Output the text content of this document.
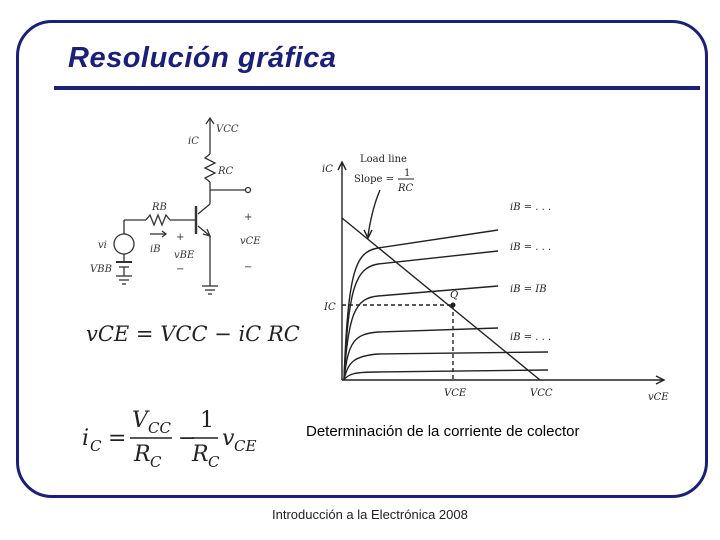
Resolución gráfica
VCC
iC
RC
RB
+
vCE
−
+
−
vi	iB
vBE
VBB
vCE = VCC − iC RC
i C =
V CC
R C
−
1
R C
v CE
iC
vCE
Load line
Slope = −
1
RC
Q
IC
VCE	VCC
iB = . . .
iB = . . .
iB = IB
iB = . . .
Determinación de la corriente de colector
Introducción a la Electrónica 2008
